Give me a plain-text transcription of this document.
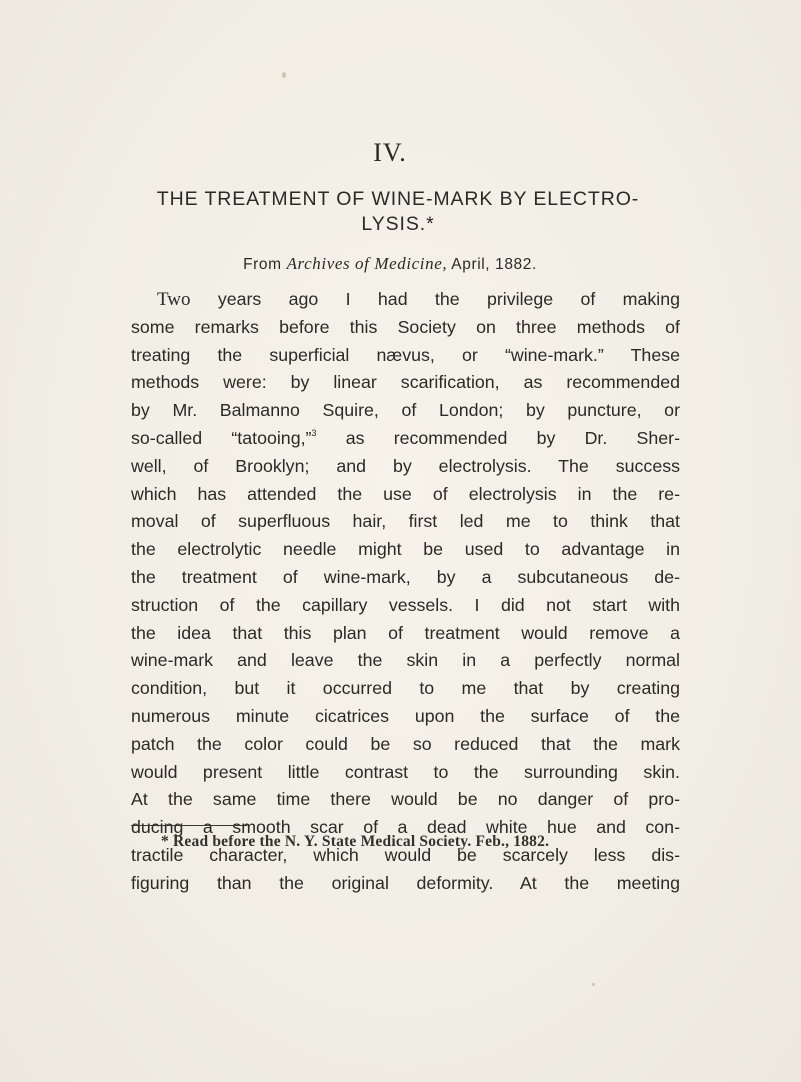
IV.
THE TREATMENT OF WINE-MARK BY ELECTRO-
LYSIS.*
From Archives of Medicine, April, 1882.
Two years ago I had the privilege of making
some remarks before this Society on three methods of
treating the superficial nævus, or “wine-mark.” These
methods were: by linear scarification, as recommended
by Mr. Balmanno Squire, of London; by puncture, or
so-called “tatooing,”$^3$ as recommended by Dr. Sher-
well, of Brooklyn; and by electrolysis. The success
which has attended the use of electrolysis in the re-
moval of superfluous hair, first led me to think that
the electrolytic needle might be used to advantage in
the treatment of wine-mark, by a subcutaneous de-
struction of the capillary vessels. I did not start with
the idea that this plan of treatment would remove a
wine-mark and leave the skin in a perfectly normal
condition, but it occurred to me that by creating
numerous minute cicatrices upon the surface of the
patch the color could be so reduced that the mark
would present little contrast to the surrounding skin.
At the same time there would be no danger of pro-
ducing a smooth scar of a dead white hue and con-
tractile character, which would be scarcely less dis-
figuring than the original deformity. At the meeting
* Read before the N. Y. State Medical Society. Feb., 1882.
